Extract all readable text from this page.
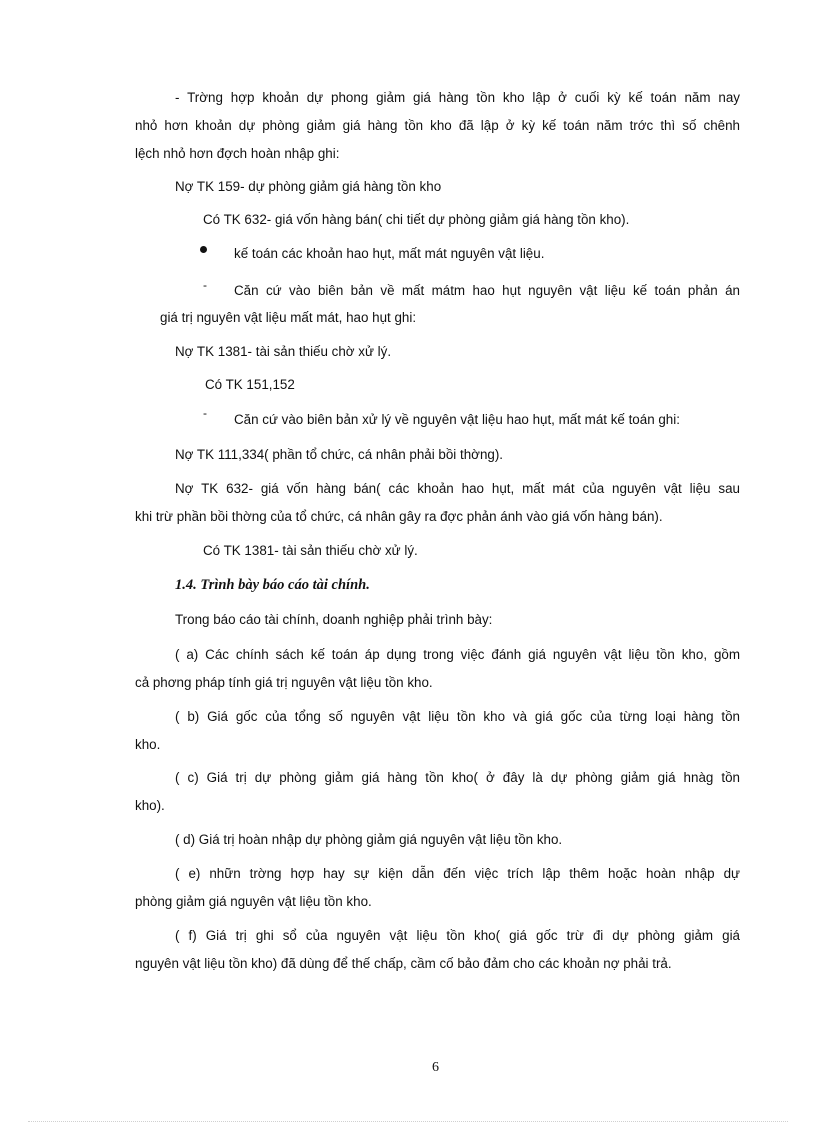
- Trờng hợp khoản dự phong giảm giá hàng tồn kho lập ở cuối kỳ kế toán năm nay
nhỏ hơn khoản dự phòng giảm giá hàng tồn kho đã lập ở kỳ kế toán năm trớc thì số chênh
lệch nhỏ hơn đợch hoàn nhập ghi:
Nợ TK 159- dự phòng giảm giá hàng tồn kho
Có TK 632- giá vốn hàng bán( chi tiết dự phòng giảm giá hàng tồn kho).
kế toán các khoản hao hụt, mất mát nguyên vật liệu.
- Căn cứ vào biên bản về mất mátm hao hụt nguyên vật liệu kế toán phản án
giá trị nguyên vật liệu mất mát, hao hụt ghi:
Nợ TK 1381- tài sản thiếu chờ xử lý.
Có TK 151,152
- Căn cứ vào biên bản xử lý về nguyên vật liệu hao hụt, mất mát kế toán ghi:
Nợ TK 111,334( phần tổ chức, cá nhân phải bồi thờng).
Nợ TK 632- giá vốn hàng bán( các khoản hao hụt, mất mát của nguyên vật liệu sau
khi trừ phần bồi thờng của tổ chức, cá nhân gây ra đợc phản ánh vào giá vốn hàng bán).
Có TK 1381- tài sản thiếu chờ xử lý.
1.4. Trình bày báo cáo tài chính.
Trong báo cáo tài chính, doanh nghiệp phải trình bày:
( a) Các chính sách kế toán áp dụng trong việc đánh giá nguyên vật liệu tồn kho, gồm
cả phơng pháp tính giá trị nguyên vật liệu tồn kho.
( b) Giá gốc của tổng số nguyên vật liệu tồn kho và giá gốc của từng loại hàng tồn
kho.
( c) Giá trị dự phòng giảm giá hàng tồn kho( ở đây là dự phòng giảm giá hnàg tồn
kho).
( d) Giá trị hoàn nhập dự phòng giảm giá nguyên vật liệu tồn kho.
( e) nhữn trờng hợp hay sự kiện dẫn đến việc trích lập thêm hoặc hoàn nhập dự
phòng giảm giá nguyên vật liệu tồn kho.
( f) Giá trị ghi sổ của nguyên vật liệu tồn kho( giá gốc trừ đi dự phòng giảm giá
nguyên vật liệu tồn kho) đã dùng để thế chấp, cầm cố bảo đảm cho các khoản nợ phải trả.
6
